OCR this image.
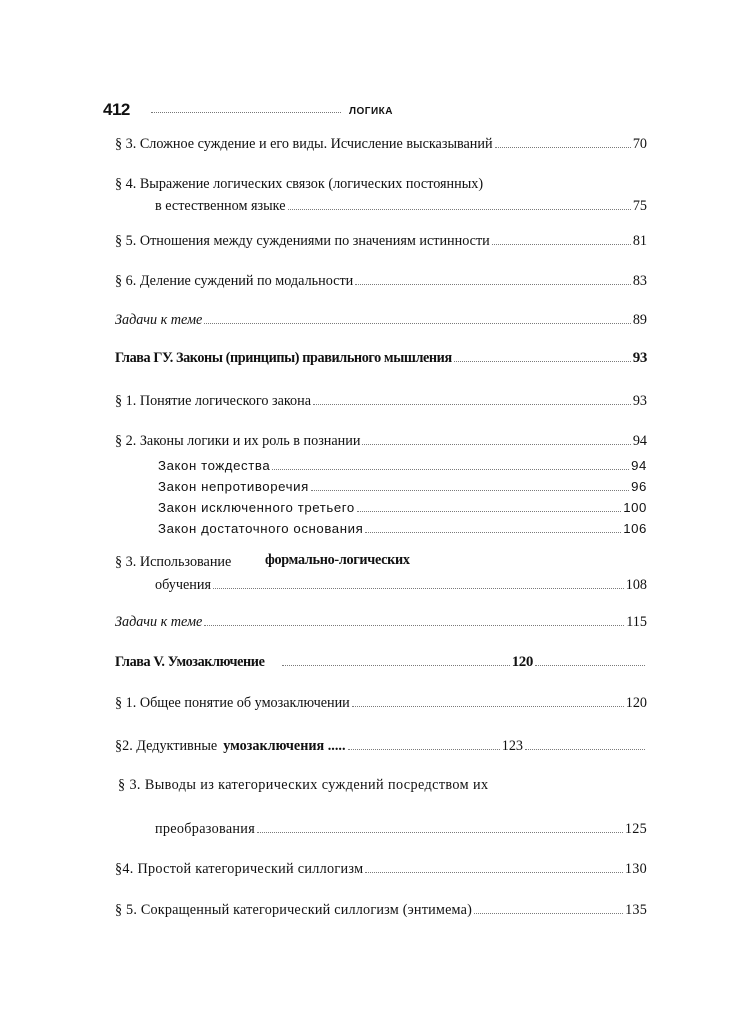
412	ЛОГИКА
§ 3. Сложное суждение и его виды. Исчисление высказываний	70
§ 4. Выражение логических связок (логических постоянных)
в естественном языке	75
§ 5. Отношения между суждениями по значениям истинности	81
§ 6. Деление суждений по модальности	83
Задачи к теме	89
Глава ГУ. Законы (принципы) правильного мышления	93
§ 1. Понятие логического закона	93
§ 2. Законы логики и их роль в познании	94
Закон тождества	94
Закон непротиворечия	96
Закон исключенного третьего	100
Закон достаточного основания	106
§ 3. Использование формально-логических
обучения	108
Задачи к теме	115
Глава V. Умозаключение	120
§ 1. Общее понятие об умозаключении	120
§2. Дедуктивные умозаключения .....	123
§ 3. Выводы из категорических суждений посредством их
преобразования	125
§4. Простой категорический силлогизм	130
§ 5. Сокращенный категорический силлогизм (энтимема)	135
